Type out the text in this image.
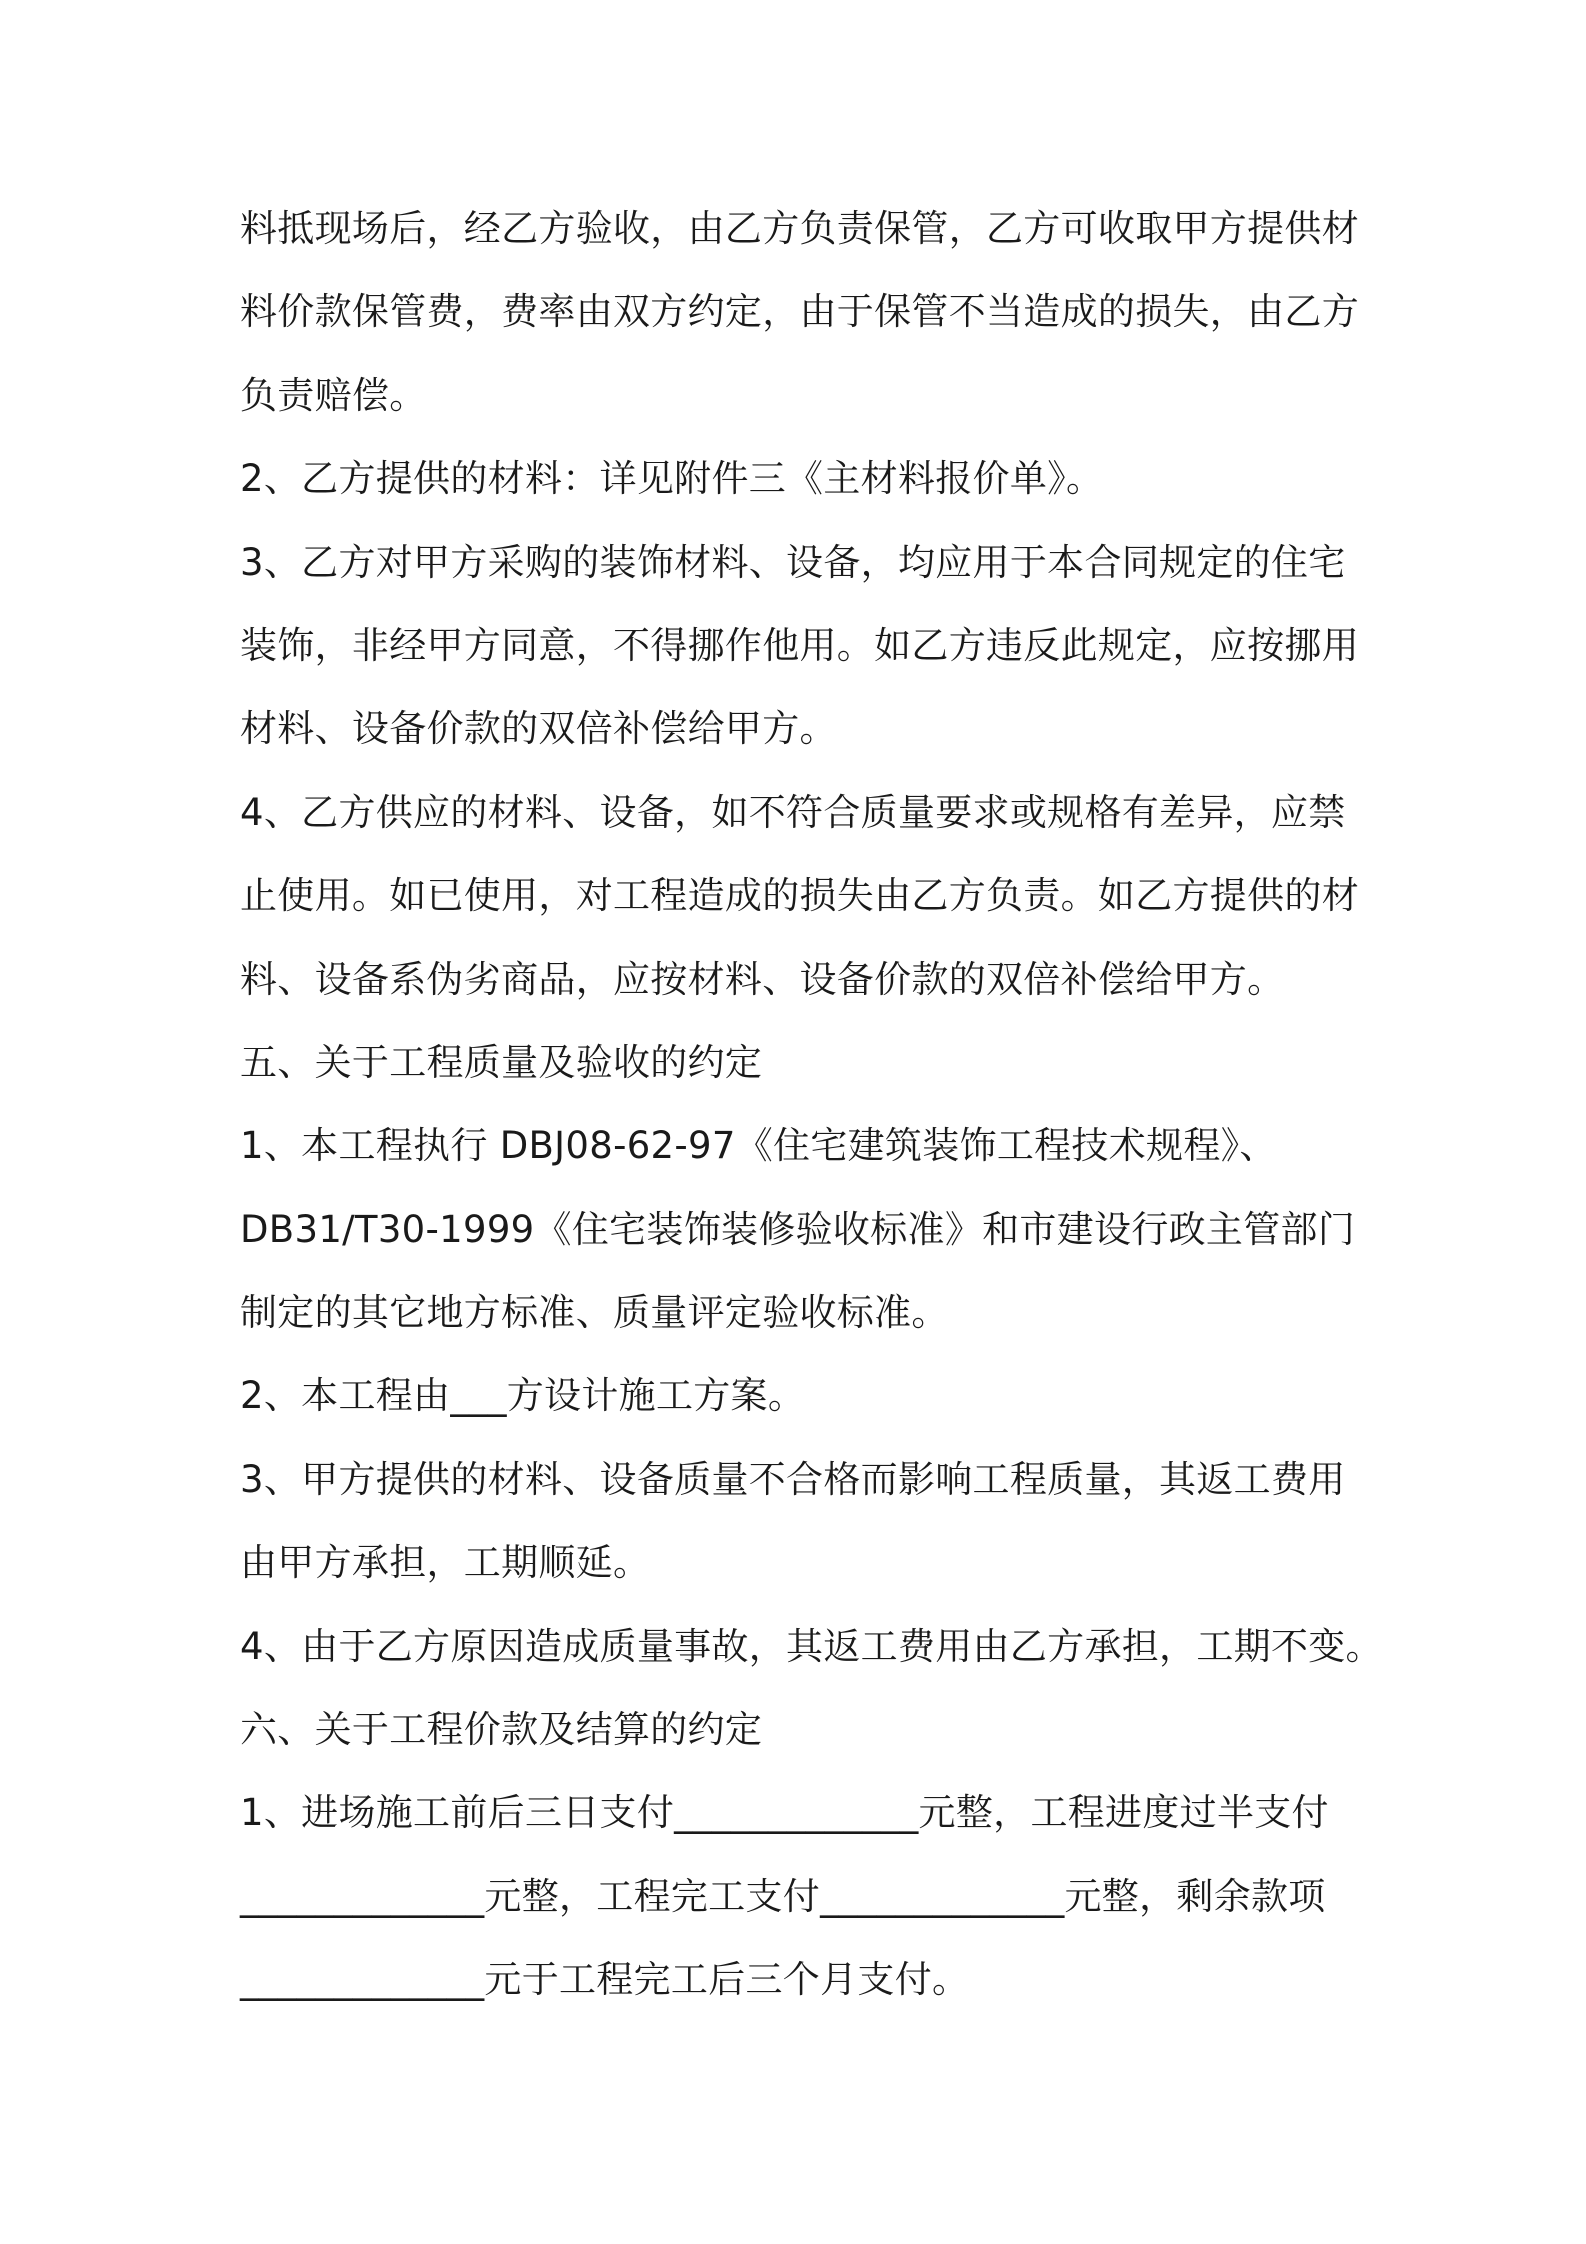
料抵现场后，经乙方验收，由乙方负责保管，乙方可收取甲方提供材
料价款保管费，费率由双方约定，由于保管不当造成的损失，由乙方
负责赔偿。
2、乙方提供的材料：详见附件三《主材料报价单》。
3、乙方对甲方采购的装饰材料、设备，均应用于本合同规定的住宅
装饰，非经甲方同意，不得挪作他用。如乙方违反此规定，应按挪用
材料、设备价款的双倍补偿给甲方。
4、乙方供应的材料、设备，如不符合质量要求或规格有差异，应禁
止使用。如已使用，对工程造成的损失由乙方负责。如乙方提供的材
料、设备系伪劣商品，应按材料、设备价款的双倍补偿给甲方。
五、关于工程质量及验收的约定
1、本工程执行 DBJ08-62-97《住宅建筑装饰工程技术规程》、
DB31/T30-1999《住宅装饰装修验收标准》和市建设行政主管部门
制定的其它地方标准、质量评定验收标准。
2、本工程由___方设计施工方案。
3、甲方提供的材料、设备质量不合格而影响工程质量，其返工费用
由甲方承担，工期顺延。
4、由于乙方原因造成质量事故，其返工费用由乙方承担，工期不变。
六、关于工程价款及结算的约定
1、进场施工前后三日支付_____________元整，工程进度过半支付
_____________元整，工程完工支付_____________元整，剩余款项
_____________元于工程完工后三个月支付。
